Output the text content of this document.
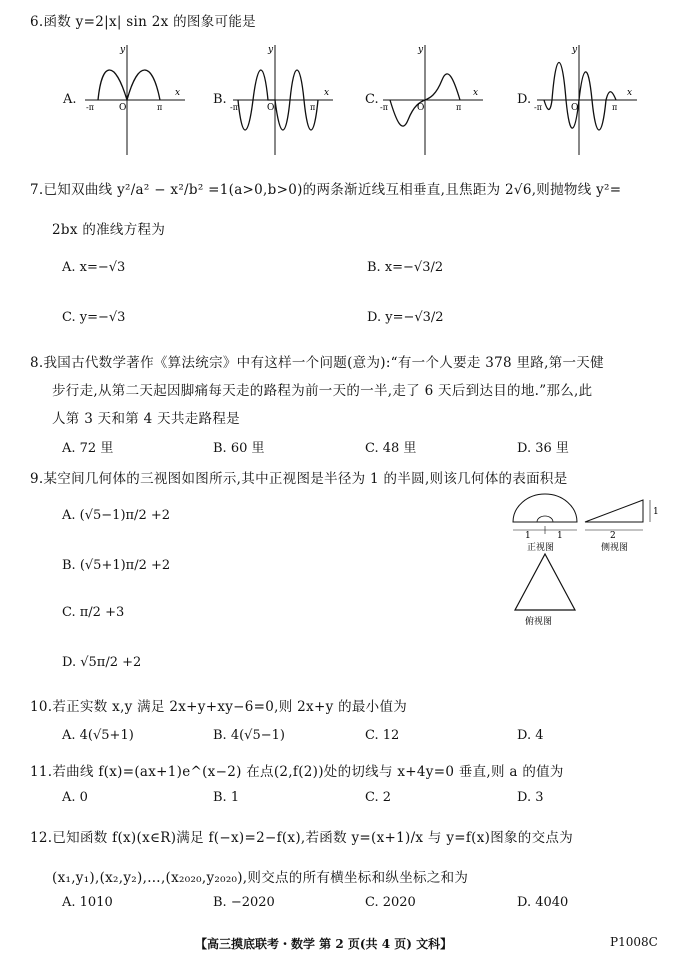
6.函数 y=2|x| sin 2x 的图象可能是
A.	B.	C.	D.
y
x
O
-π	π
y
x
O
-π	π
y
x
O
-π	π
y
x
O
-π	π
7.已知双曲线 y²/a² − x²/b² =1(a>0,b>0)的两条渐近线互相垂直,且焦距为 2√6,则抛物线 y²=
2bx 的准线方程为
A. x=−√3	B. x=−√3/2
C. y=−√3	D. y=−√3/2
8.我国古代数学著作《算法统宗》中有这样一个问题(意为):“有一个人要走 378 里路,第一天健
步行走,从第二天起因脚痛每天走的路程为前一天的一半,走了 6 天后到达目的地.”那么,此
人第 3 天和第 4 天共走路程是
A. 72 里	B. 60 里	C. 48 里	D. 36 里
9.某空间几何体的三视图如图所示,其中正视图是半径为 1 的半圆,则该几何体的表面积是
A. (√5−1)π/2 +2
B. (√5+1)π/2 +2
C. π/2 +3
D. √5π/2 +2
1	1
正视图
2
1
侧视图
俯视图
10.若正实数 x,y 满足 2x+y+xy−6=0,则 2x+y 的最小值为
A. 4(√5+1)	B. 4(√5−1)	C. 12	D. 4
11.若曲线 f(x)=(ax+1)e^(x−2) 在点(2,f(2))处的切线与 x+4y=0 垂直,则 a 的值为
A. 0	B. 1	C. 2	D. 3
12.已知函数 f(x)(x∈R)满足 f(−x)=2−f(x),若函数 y=(x+1)/x 与 y=f(x)图象的交点为
(x₁,y₁),(x₂,y₂),…,(x₂₀₂₀,y₂₀₂₀),则交点的所有横坐标和纵坐标之和为
A. 1010	B. −2020	C. 2020	D. 4040
【高三摸底联考・数学 第 2 页(共 4 页) 文科】	P1008C
